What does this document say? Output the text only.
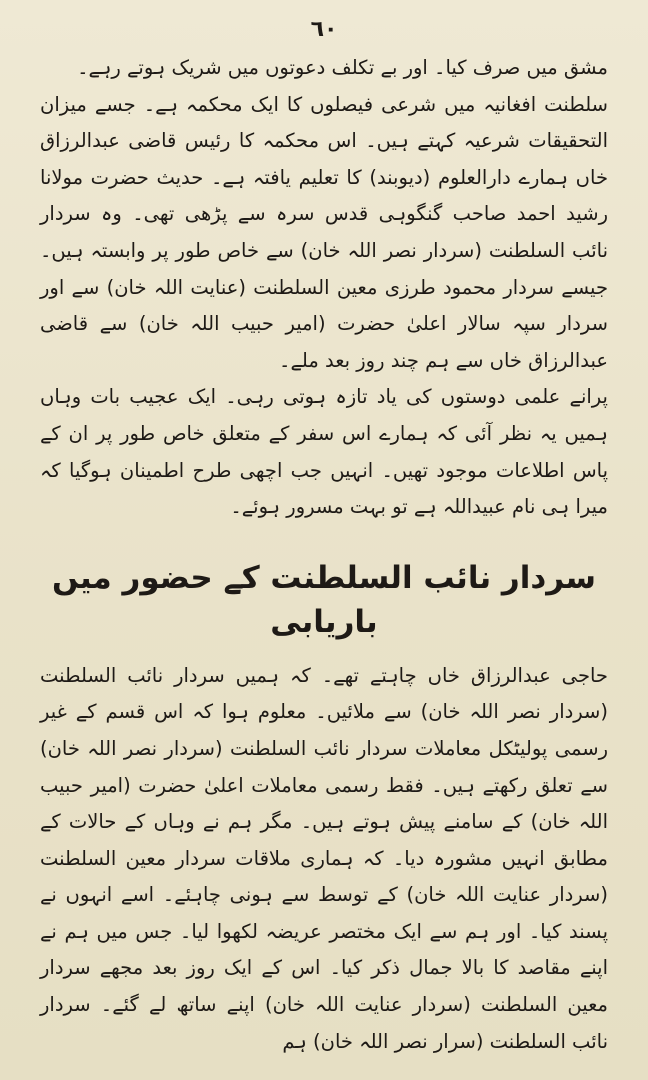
٦٠

مشق میں صرف کیا۔ اور بے تکلف دعوتوں میں شریک ہوتے رہے۔

سلطنت افغانیہ میں شرعی فیصلوں کا ایک محکمہ ہے۔ جسے میزان التحقیقات شرعیہ کہتے ہیں۔ اس محکمہ کا رئیس قاضی عبدالرزاق خاں ہمارے دارالعلوم (دیوبند) کا تعلیم یافتہ ہے۔ حدیث حضرت مولانا رشید احمد صاحب گنگوہی قدس سرہ سے پڑھی تھی۔ وہ سردار نائب السلطنت (سردار نصر اللہ خان) سے خاص طور پر وابستہ ہیں۔ جیسے سردار محمود طرزی معین السلطنت (عنایت اللہ خان) سے اور سردار سپہ سالار اعلیٰ حضرت (امیر حبیب اللہ خان) سے قاضی عبدالرزاق خاں سے ہم چند روز بعد ملے۔

پرانے علمی دوستوں کی یاد تازہ ہوتی رہی۔ ایک عجیب بات وہاں ہمیں یہ نظر آئی کہ ہمارے اس سفر کے متعلق خاص طور پر ان کے پاس اطلاعات موجود تھیں۔ انہیں جب اچھی طرح اطمینان ہوگیا کہ میرا ہی نام عبیداللہ ہے تو بہت مسرور ہوئے۔

سردار نائب السلطنت کے حضور میں باریابی

حاجی عبدالرزاق خاں چاہتے تھے۔ کہ ہمیں سردار نائب السلطنت (سردار نصر اللہ خان) سے ملائیں۔ معلوم ہوا کہ اس قسم کے غیر رسمی پولیٹکل معاملات سردار نائب السلطنت (سردار نصر اللہ خان) سے تعلق رکھتے ہیں۔ فقط رسمی معاملات اعلیٰ حضرت (امیر حبیب اللہ خان) کے سامنے پیش ہوتے ہیں۔ مگر ہم نے وہاں کے حالات کے مطابق انہیں مشورہ دیا۔ کہ ہماری ملاقات سردار معین السلطنت (سردار عنایت اللہ خان) کے توسط سے ہونی چاہئے۔ اسے انہوں نے پسند کیا۔ اور ہم سے ایک مختصر عریضہ لکھوا لیا۔ جس میں ہم نے اپنے مقاصد کا بالا جمال ذکر کیا۔ اس کے ایک روز بعد مجھے سردار معین السلطنت (سردار عنایت اللہ خان) اپنے ساتھ لے گئے۔ سردار نائب السلطنت (سرار نصر اللہ خان) ہم
